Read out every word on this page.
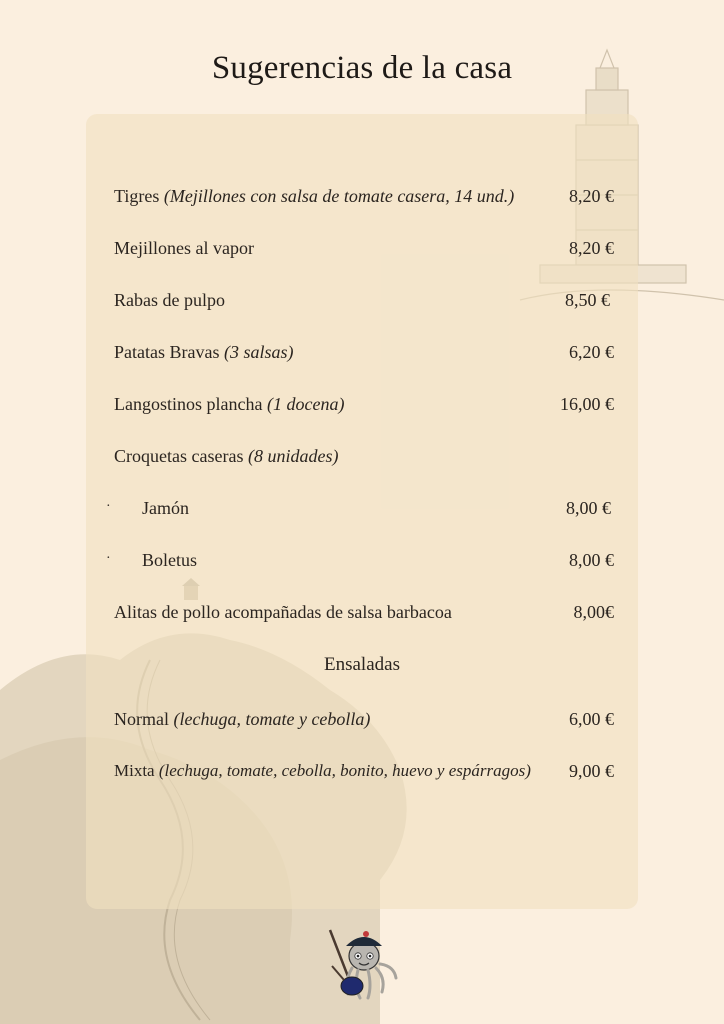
Sugerencias de la casa
Tigres (Mejillones con salsa de tomate casera, 14 und.)	8,20 €
Mejillones al vapor	8,20 €
Rabas de pulpo	8,50 €
Patatas Bravas (3 salsas)	6,20 €
Langostinos plancha (1 docena)	16,00 €
Croquetas caseras (8 unidades)
· Jamón	8,00 €
· Boletus	8,00 €
Alitas de pollo acompañadas de salsa barbacoa	8,00€
Ensaladas
Normal (lechuga, tomate y cebolla)	6,00 €
Mixta (lechuga, tomate, cebolla, bonito, huevo y espárragos) 9,00 €
